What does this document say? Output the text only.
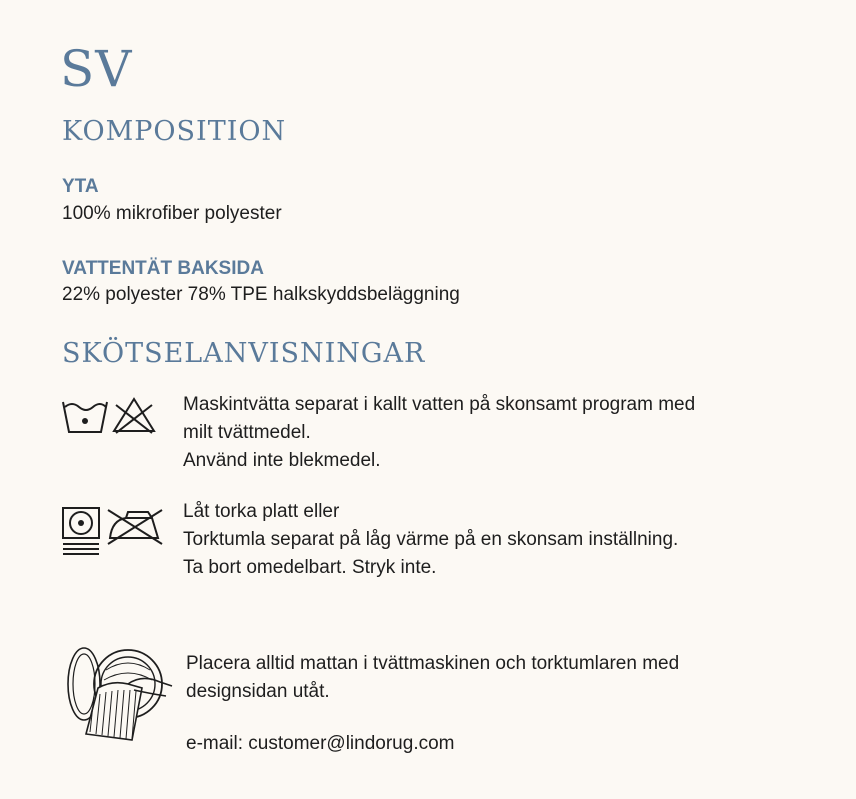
SV
KOMPOSITION

YTA

100% mikrofiber polyester

VATTENTÄT BAKSIDA

22% polyester 78% TPE halkskyddsbeläggning

SKÖTSELANVISNINGAR
Maskintvätta separat i kallt vatten på skonsamt program med
milt tvättmedel.
Använd inte blekmedel.
Låt torka platt eller
Torktumla separat på låg värme på en skonsam inställning.
Ta bort omedelbart. Stryk inte.
Placera alltid mattan i tvättmaskinen och torktumlaren med
designsidan utåt.
e-mail: customer@lindorug.com
